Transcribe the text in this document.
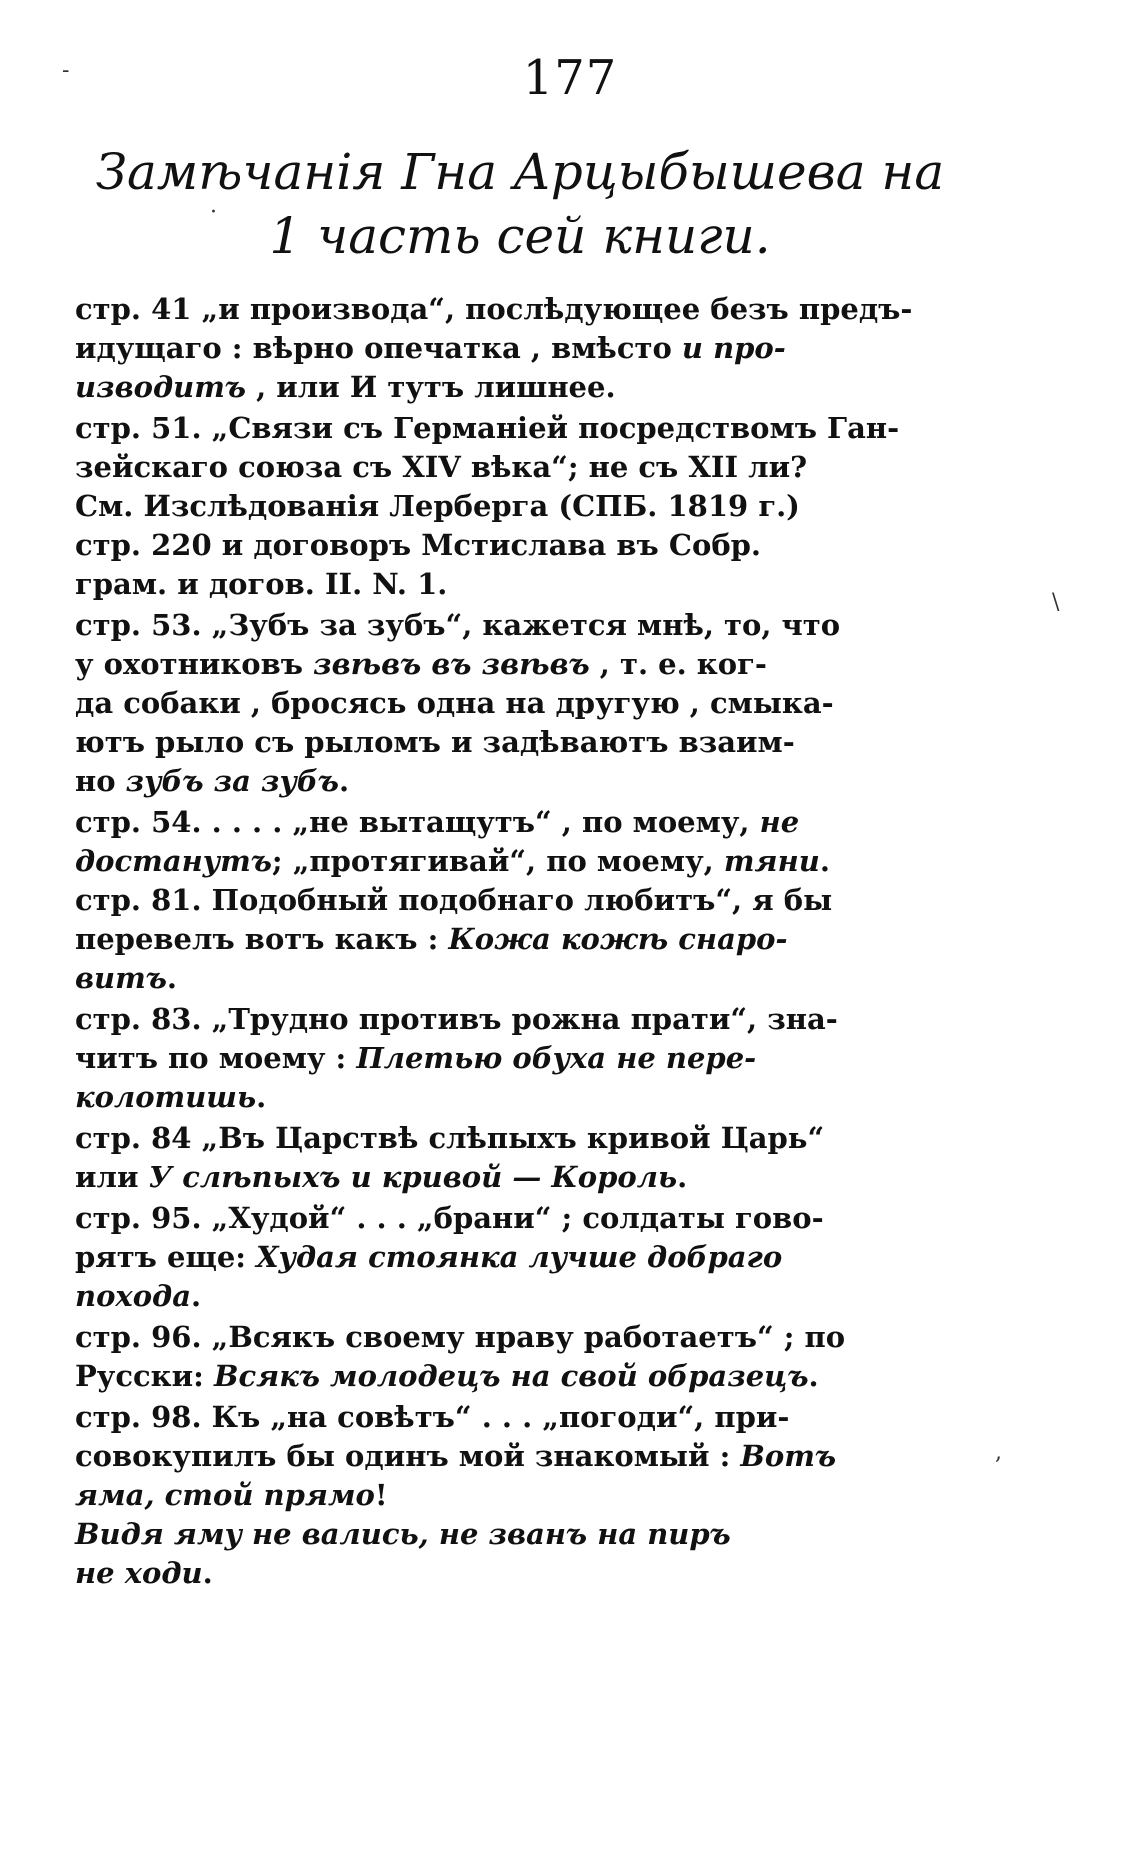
177
Замѣчанія Гна Арцыбышева на
1 часть сей книги.
стр. 41 „и производа“, послѣдующее безъ предъ-
идущаго : вѣрно опечатка , вмѣсто и про-
изводитъ , или И тутъ лишнее.
стр. 51. „Связи съ Германіей посредствомъ Ган-
зейскаго союза съ XIV вѣка“; не съ XII ли?
См. Изслѣдованія Лерберга (СПБ. 1819 г.)
стр. 220 и договоръ Мстислава въ Собр.
грам. и догов. II. N. 1.
стр. 53. „Зубъ за зубъ“, кажется мнѣ, то, что
у охотниковъ звѣвъ въ звѣвъ , т. е. ког-
да собаки , бросясь одна на другую , смыка-
ютъ рыло съ рыломъ и задѣваютъ взаим-
но зубъ за зубъ.
стр. 54. . . . . „не вытащутъ“ , по моему, не
достанутъ; „протягивай“, по моему, тяни.
стр. 81. Подобный подобнаго любитъ“, я бы
перевелъ вотъ какъ : Кожа кожѣ снаро-
витъ.
стр. 83. „Трудно противъ рожна прати“, зна-
читъ по моему : Плетью обуха не пере-
колотишь.
стр. 84 „Въ Царствѣ слѣпыхъ кривой Царь“
или У слѣпыхъ и кривой — Король.
стр. 95. „Худой“ . . . „брани“ ; солдаты гово-
рятъ еще: Худая стоянка лучше добраго
похода.
стр. 96. „Всякъ своему нраву работаетъ“ ; по
Русски: Всякъ молодецъ на свой образецъ.
стр. 98. Къ „на совѣтъ“ . . . „погоди“, при-
совокупилъ бы одинъ мой знакомый : Вотъ
яма, стой прямо!
Видя яму не вались, не званъ на пиръ
не ходи.
-
·
\
,
